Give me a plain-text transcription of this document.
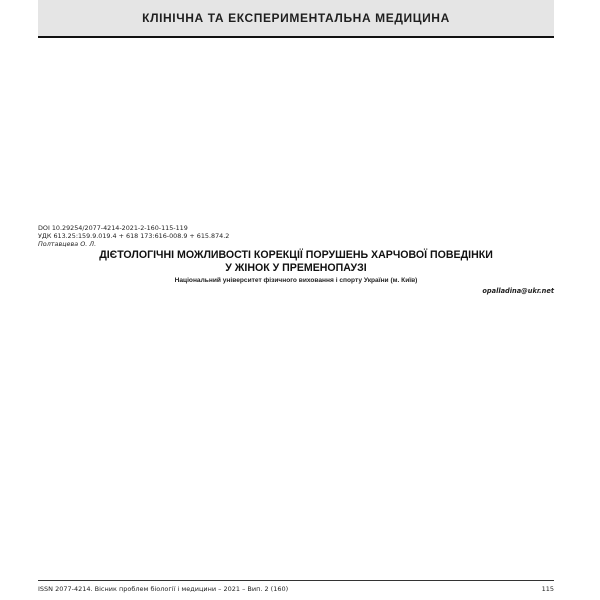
КЛІНІЧНА ТА ЕКСПЕРИМЕНТАЛЬНА МЕДИЦИНА
DOI 10.29254/2077-4214-2021-2-160-115-119
УДК 613.25:159.9.019.4 + 618 173:616-008.9 + 615.874.2
Полтавцева О. Л.
ДІЄТОЛОГІЧНІ МОЖЛИВОСТІ КОРЕКЦІЇ ПОРУШЕНЬ ХАРЧОВОЇ ПОВЕДІНКИ
У ЖІНОК У ПРЕМЕНОПАУЗІ
Національний університет фізичного виховання і спорту України (м. Київ)
opalladina@ukr.net
ISSN 2077-4214. Вісник проблем біології і медицини – 2021 – Вип. 2 (160)	115
